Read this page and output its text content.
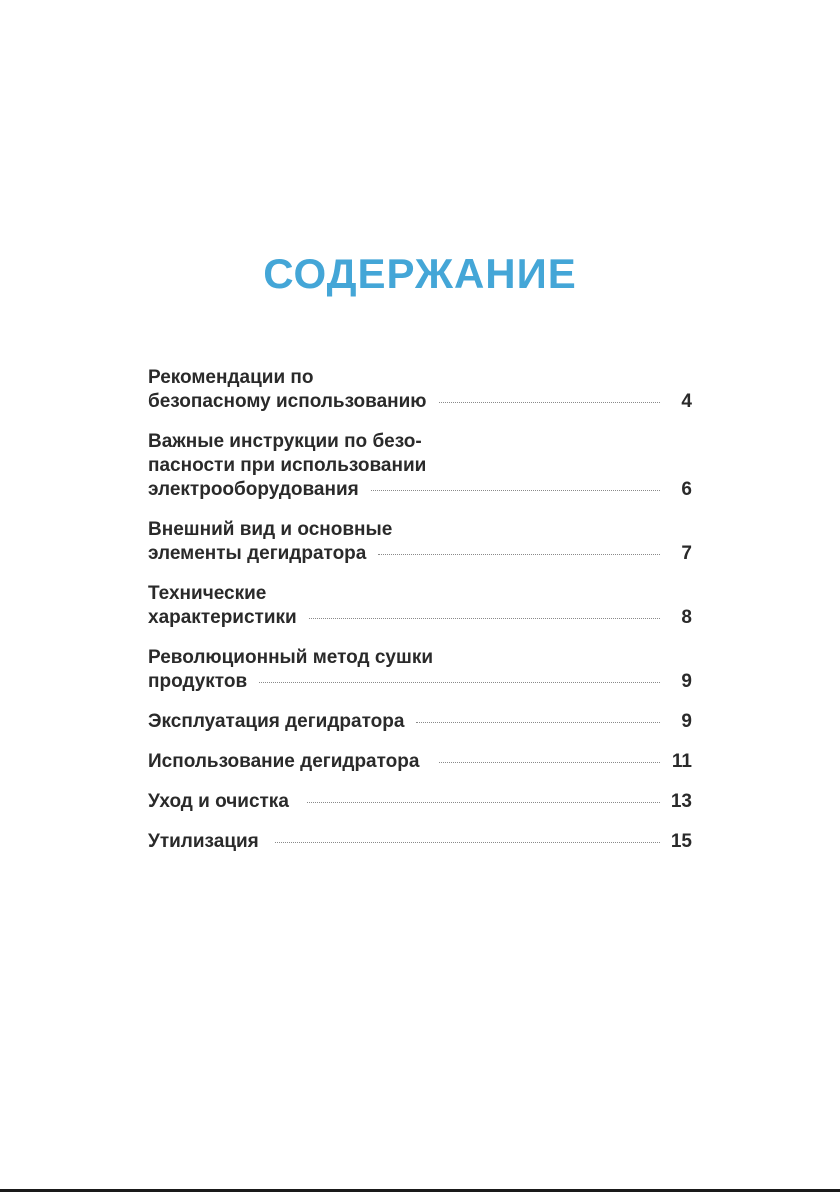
СОДЕРЖАНИЕ
Рекомендации по
безопасному использованию	4
Важные инструкции по безо-
пасности при использовании
электрооборудования	6
Внешний вид и основные
элементы дегидратора	7
Технические
характеристики	8
Революционный метод сушки
продуктов	9
Эксплуатация дегидратора	9
Использование дегидратора	11
Уход и очистка	13
Утилизация	15
